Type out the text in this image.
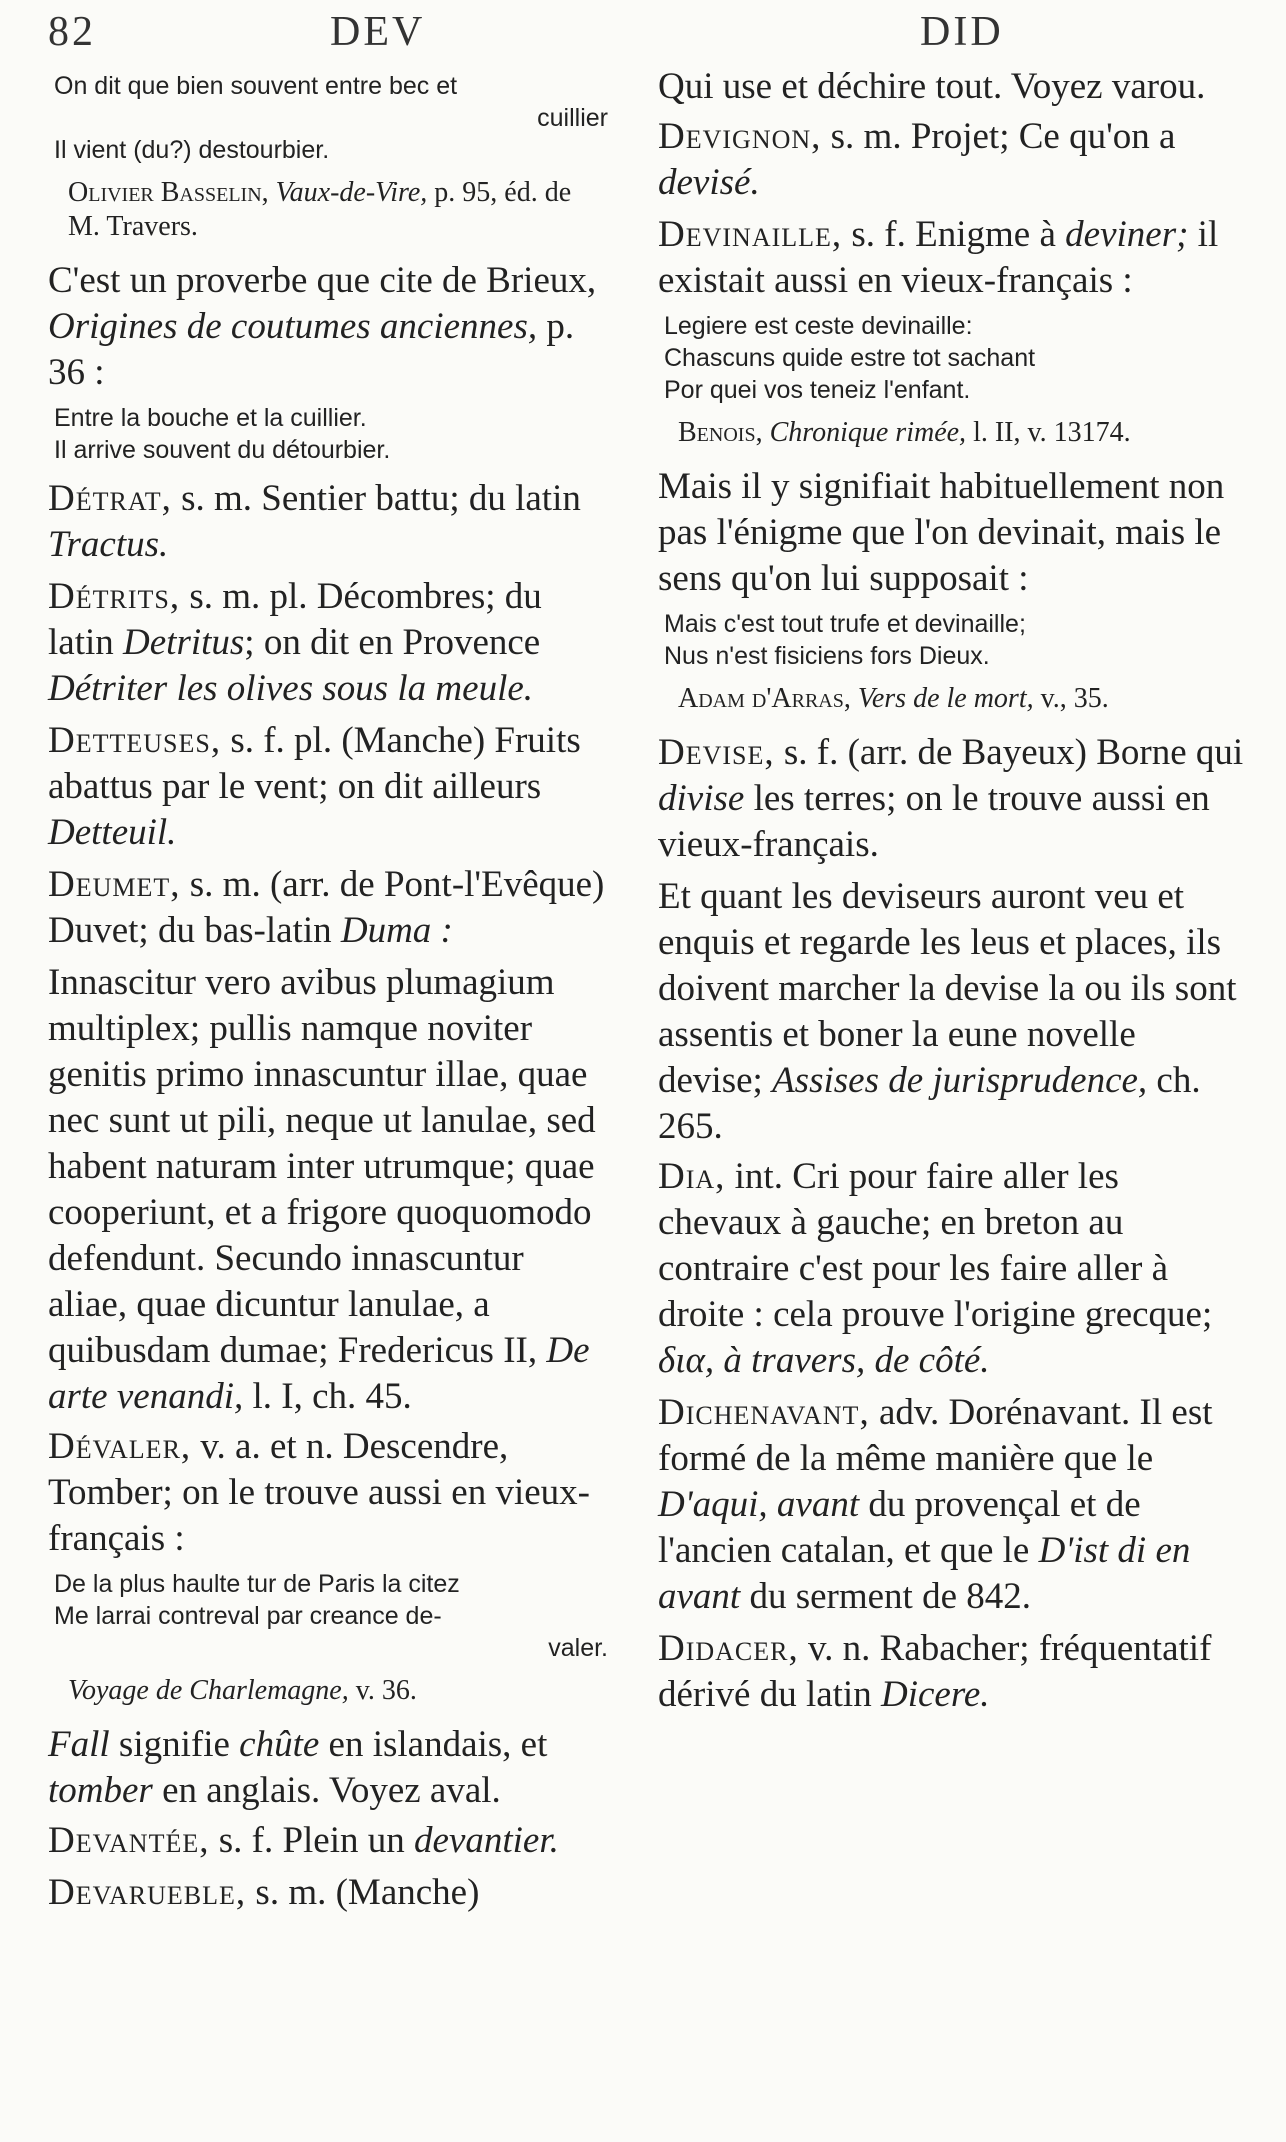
82	DEV	DID
On dit que bien souvent entre bec et
cuillier
Il vient (du?) destourbier.
Olivier Basselin, Vaux-de-Vire, p. 95, éd. de M. Travers.

C'est un proverbe que cite de Brieux, Origines de coutumes anciennes, p. 36 :

Entre la bouche et la cuillier.
Il arrive souvent du détourbier.

Détrat, s. m. Sentier battu; du latin Tractus.

Détrits, s. m. pl. Décombres; du latin Detritus; on dit en Provence Détriter les olives sous la meule.

Detteuses, s. f. pl. (Manche) Fruits abattus par le vent; on dit ailleurs Detteuil.

Deumet, s. m. (arr. de Pont-l'Evêque) Duvet; du bas-latin Duma :

Innascitur vero avibus plumagium multiplex; pullis namque noviter genitis primo innascuntur illae, quae nec sunt ut pili, neque ut lanulae, sed habent naturam inter utrumque; quae cooperiunt, et a frigore quoquomodo defendunt. Secundo innascuntur aliae, quae dicuntur lanulae, a quibusdam dumae; Fredericus II, De arte venandi, l. I, ch. 45.

Dévaler, v. a. et n. Descendre, Tomber; on le trouve aussi en vieux-français :

De la plus haulte tur de Paris la citez
Me larrai contreval par creance de-
valer.
Voyage de Charlemagne, v. 36.

Fall signifie chûte en islandais, et tomber en anglais. Voyez aval.

Devantée, s. f. Plein un devantier.

Devarueble, s. m. (Manche)

Qui use et déchire tout. Voyez varou.

Devignon, s. m. Projet; Ce qu'on a devisé.

Devinaille, s. f. Enigme à deviner; il existait aussi en vieux-français :

Legiere est ceste devinaille:
Chascuns quide estre tot sachant
Por quei vos teneiz l'enfant.
Benois, Chronique rimée, l. II, v. 13174.

Mais il y signifiait habituellement non pas l'énigme que l'on devinait, mais le sens qu'on lui supposait :

Mais c'est tout trufe et devinaille;
Nus n'est fisiciens fors Dieux.
Adam d'Arras, Vers de le mort, v., 35.

Devise, s. f. (arr. de Bayeux) Borne qui divise les terres; on le trouve aussi en vieux-français.

Et quant les deviseurs auront veu et enquis et regarde les leus et places, ils doivent marcher la devise la ou ils sont assentis et boner la eune novelle devise; Assises de jurisprudence, ch. 265.

Dia, int. Cri pour faire aller les chevaux à gauche; en breton au contraire c'est pour les faire aller à droite : cela prouve l'origine grecque; δια, à travers, de côté.

Dichenavant, adv. Dorénavant. Il est formé de la même manière que le D'aqui, avant du provençal et de l'ancien catalan, et que le D'ist di en avant du serment de 842.

Didacer, v. n. Rabacher; fréquentatif dérivé du latin Dicere.
